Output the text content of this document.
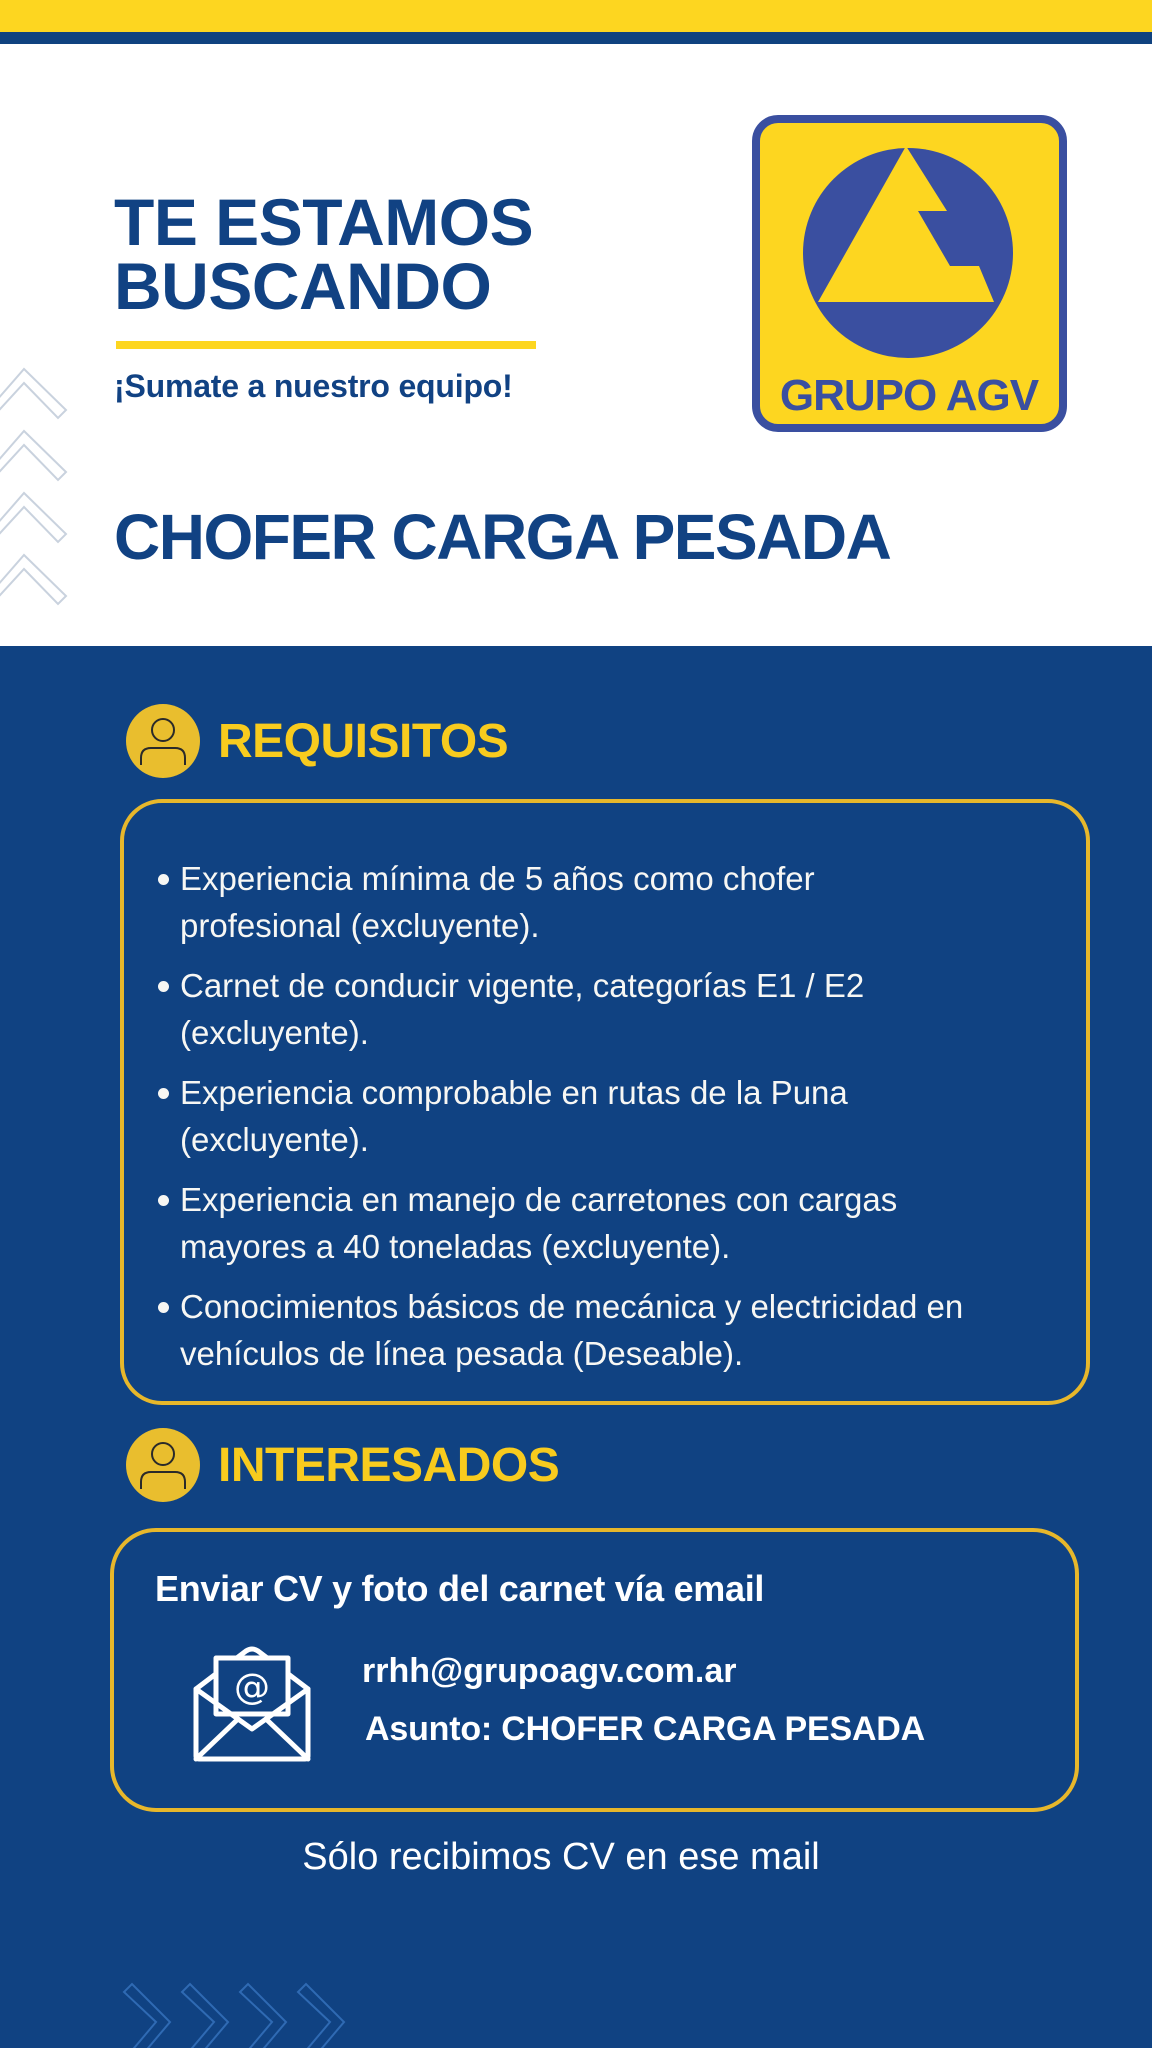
TE ESTAMOS
BUSCANDO
¡Sumate a nuestro equipo!	GRUPO AGV
CHOFER CARGA PESADA
REQUISITOS
Experiencia mínima de 5 años como chofer
profesional (excluyente).
Carnet de conducir vigente, categorías E1 / E2
(excluyente).
Experiencia comprobable en rutas de la Puna
(excluyente).
Experiencia en manejo de carretones con cargas
mayores a 40 toneladas (excluyente).
Conocimientos básicos de mecánica y electricidad en
vehículos de línea pesada (Deseable).
INTERESADOS
Enviar CV y foto del carnet vía email
@	rrhh@grupoagv.com.ar
Asunto: CHOFER CARGA PESADA
Sólo recibimos CV en ese mail
